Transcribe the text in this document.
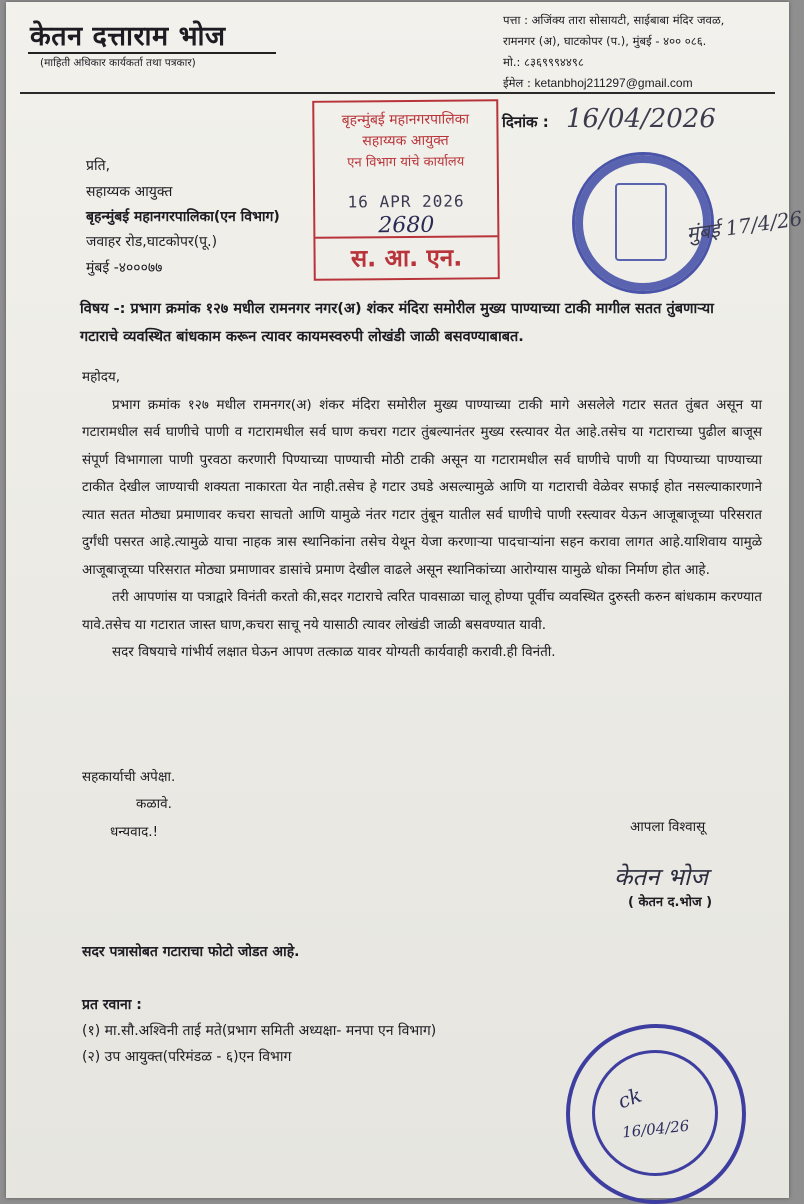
केतन दत्ताराम भोज
(माहिती अधिकार कार्यकर्ता तथा पत्रकार)
पत्ता : अजिंक्य तारा सोसायटी, साईबाबा मंदिर जवळ,
रामनगर (अ), घाटकोपर (प.), मुंबई - ४०० ०८६.
मो.: ८३६९९९४४९८
ईमेल : ketanbhoj211297@gmail.com
बृहन्मुंबई महानगरपालिका
सहाय्यक आयुक्त
एन विभाग यांचे कार्यालय
16 APR 2026
2680
स. आ. एन.
दिनांक : 16/04/2026
मुंबई 17/4/26
प्रति,
सहाय्यक आयुक्त
बृहन्मुंबई महानगरपालिका(एन विभाग)
जवाहर रोड,घाटकोपर(पू.)
मुंबई -४०००७७
विषय -: प्रभाग क्रमांक १२७ मधील रामनगर नगर(अ) शंकर मंदिरा समोरील मुख्य पाण्याच्या टाकी मागील सतत तुंबणाऱ्या गटाराचे व्यवस्थित बांधकाम करून त्यावर कायमस्वरुपी लोखंडी जाळी बसवण्याबाबत.

महोदय,

प्रभाग क्रमांक १२७ मधील रामनगर(अ) शंकर मंदिरा समोरील मुख्य पाण्याच्या टाकी मागे असलेले गटार सतत तुंबत असून या गटारामधील सर्व घाणीचे पाणी व गटारामधील सर्व घाण कचरा गटार तुंबल्यानंतर मुख्य रस्त्यावर येत आहे.तसेच या गटाराच्या पुढील बाजूस संपूर्ण विभागाला पाणी पुरवठा करणारी पिण्याच्या पाण्याची मोठी टाकी असून या गटारामधील सर्व घाणीचे पाणी या पिण्याच्या पाण्याच्या टाकीत देखील जाण्याची शक्यता नाकारता येत नाही.तसेच हे गटार उघडे असल्यामुळे आणि या गटाराची वेळेवर सफाई होत नसल्याकारणाने त्यात सतत मोठ्या प्रमाणावर कचरा साचतो आणि यामुळे नंतर गटार तुंबून यातील सर्व घाणीचे पाणी रस्त्यावर येऊन आजूबाजूच्या परिसरात दुर्गंधी पसरत आहे.त्यामुळे याचा नाहक त्रास स्थानिकांना तसेच येथून येजा करणाऱ्या पादचाऱ्यांना सहन करावा लागत आहे.याशिवाय यामुळे आजूबाजूच्या परिसरात मोठ्या प्रमाणावर डासांचे प्रमाण देखील वाढले असून स्थानिकांच्या आरोग्यास यामुळे धोका निर्माण होत आहे.

तरी आपणांस या पत्राद्वारे विनंती करतो की,सदर गटाराचे त्वरित पावसाळा चालू होण्या पूर्वीच व्यवस्थित दुरुस्ती करुन बांधकाम करण्यात यावे.तसेच या गटारात जास्त घाण,कचरा साचू नये यासाठी त्यावर लोखंडी जाळी बसवण्यात यावी.

सदर विषयाचे गांभीर्य लक्षात घेऊन आपण तत्काळ यावर योग्यती कार्यवाही करावी.ही विनंती.

सहकार्याची अपेक्षा.
कळावे.
धन्यवाद.!	आपला विश्वासू
केतन भोज
( केतन द.भोज )
सदर पत्रासोबत गटाराचा फोटो जोडत आहे.
प्रत रवाना :
(१) मा.सौ.अश्विनी ताई मते(प्रभाग समिती अध्यक्षा- मनपा एन विभाग)
(२) उप आयुक्त(परिमंडळ - ६)एन विभाग
ck
16/04/26
